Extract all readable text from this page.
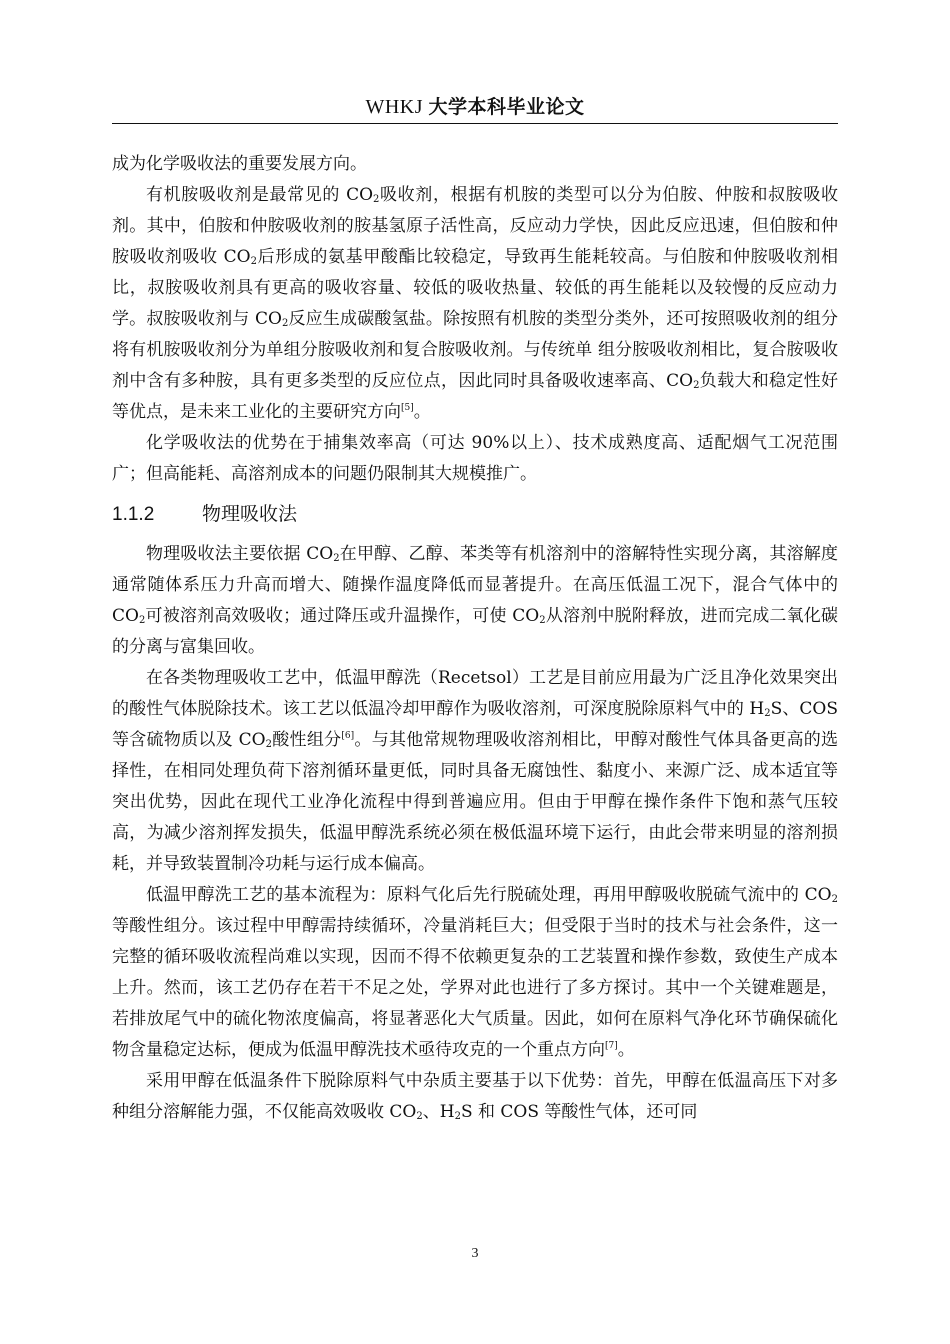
WHKJ 大学本科毕业论文

成为化学吸收法的重要发展方向。

有机胺吸收剂是最常见的 $CO_2$吸收剂，根据有机胺的类型可以分为伯胺、仲胺和叔胺吸收剂。其中，伯胺和仲胺吸收剂的胺基氢原子活性高，反应动力学快，因此反应迅速，但伯胺和仲胺吸收剂吸收 $CO_2$后形成的氨基甲酸酯比较稳定，导致再生能耗较高。与伯胺和仲胺吸收剂相比，叔胺吸收剂具有更高的吸收容量、较低的吸收热量、较低的再生能耗以及较慢的反应动力学。叔胺吸收剂与 $CO_2$反应生成碳酸氢盐。除按照有机胺的类型分类外，还可按照吸收剂的组分将有机胺吸收剂分为单组分胺吸收剂和复合胺吸收剂。与传统单 组分胺吸收剂相比，复合胺吸收剂中含有多种胺，具有更多类型的反应位点，因此同时具备吸收速率高、$CO_2$负载大和稳定性好等优点，是未来工业化的主要研究方向[5]。

化学吸收法的优势在于捕集效率高（可达 90%以上）、技术成熟度高、适配烟气工况范围广；但高能耗、高溶剂成本的问题仍限制其大规模推广。

1.1.2	物理吸收法

物理吸收法主要依据 $CO_2$在甲醇、乙醇、苯类等有机溶剂中的溶解特性实现分离，其溶解度通常随体系压力升高而增大、随操作温度降低而显著提升。在高压低温工况下，混合气体中的 $CO_2$可被溶剂高效吸收；通过降压或升温操作，可使 $CO_2$从溶剂中脱附释放，进而完成二氧化碳的分离与富集回收。

在各类物理吸收工艺中，低温甲醇洗（Recetsol）工艺是目前应用最为广泛且净化效果突出的酸性气体脱除技术。该工艺以低温冷却甲醇作为吸收溶剂，可深度脱除原料气中的 $H_2S$、COS 等含硫物质以及 $CO_2$酸性组分[6]。与其他常规物理吸收溶剂相比，甲醇对酸性气体具备更高的选择性，在相同处理负荷下溶剂循环量更低，同时具备无腐蚀性、黏度小、来源广泛、成本适宜等突出优势，因此在现代工业净化流程中得到普遍应用。但由于甲醇在操作条件下饱和蒸气压较高，为减少溶剂挥发损失，低温甲醇洗系统必须在极低温环境下运行，由此会带来明显的溶剂损耗，并导致装置制冷功耗与运行成本偏高。

低温甲醇洗工艺的基本流程为：原料气化后先行脱硫处理，再用甲醇吸收脱硫气流中的 $CO_2$等酸性组分。该过程中甲醇需持续循环，冷量消耗巨大；但受限于当时的技术与社会条件，这一完整的循环吸收流程尚难以实现，因而不得不依赖更复杂的工艺装置和操作参数，致使生产成本上升。然而，该工艺仍存在若干不足之处，学界对此也进行了多方探讨。其中一个关键难题是，若排放尾气中的硫化物浓度偏高，将显著恶化大气质量。因此，如何在原料气净化环节确保硫化物含量稳定达标，便成为低温甲醇洗技术亟待攻克的一个重点方向[7]。

采用甲醇在低温条件下脱除原料气中杂质主要基于以下优势：首先，甲醇在低温高压下对多种组分溶解能力强，不仅能高效吸收 $CO_2$、$H_2S$ 和 COS 等酸性气体，还可同

3
